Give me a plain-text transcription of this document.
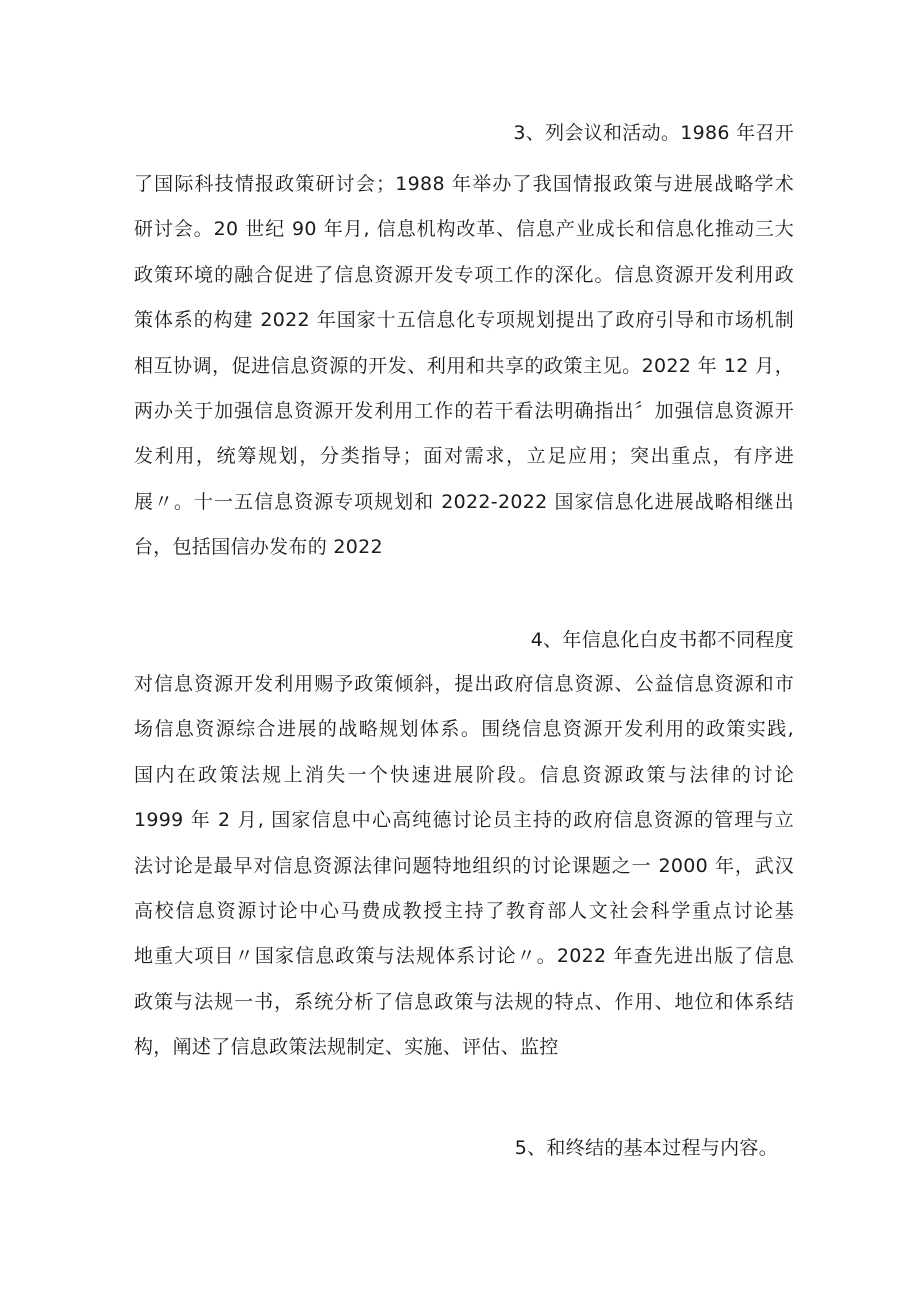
3、列会议和活动。1986 年召开
了国际科技情报政策研讨会；1988 年举办了我国情报政策与进展战略学术
研讨会。20 世纪 90 年月, 信息机构改革、信息产业成长和信息化推动三大
政策环境的融合促进了信息资源开发专项工作的深化。信息资源开发利用政
策体系的构建 2022 年国家十五信息化专项规划提出了政府引导和市场机制
相互协调，促进信息资源的开发、利用和共享的政策主见。2022 年 12 月，
两办关于加强信息资源开发利用工作的若干看法明确指出〞加强信息资源开
发利用，统筹规划，分类指导；面对需求，立足应用；突出重点，有序进
展〃。十一五信息资源专项规划和 2022-2022 国家信息化进展战略相继出
台，包括国信办发布的 2022
4、年信息化白皮书都不同程度
对信息资源开发利用赐予政策倾斜，提出政府信息资源、公益信息资源和市
场信息资源综合进展的战略规划体系。围绕信息资源开发利用的政策实践,
国内在政策法规上消失一个快速进展阶段。信息资源政策与法律的讨论
1999 年 2 月, 国家信息中心高纯德讨论员主持的政府信息资源的管理与立
法讨论是最早对信息资源法律问题特地组织的讨论课题之一 2000 年，武汉
高校信息资源讨论中心马费成教授主持了教育部人文社会科学重点讨论基
地重大项目〃国家信息政策与法规体系讨论〃。2022 年查先进出版了信息
政策与法规一书，系统分析了信息政策与法规的特点、作用、地位和体系结
构，阐述了信息政策法规制定、实施、评估、监控
5、和终结的基本过程与内容。
